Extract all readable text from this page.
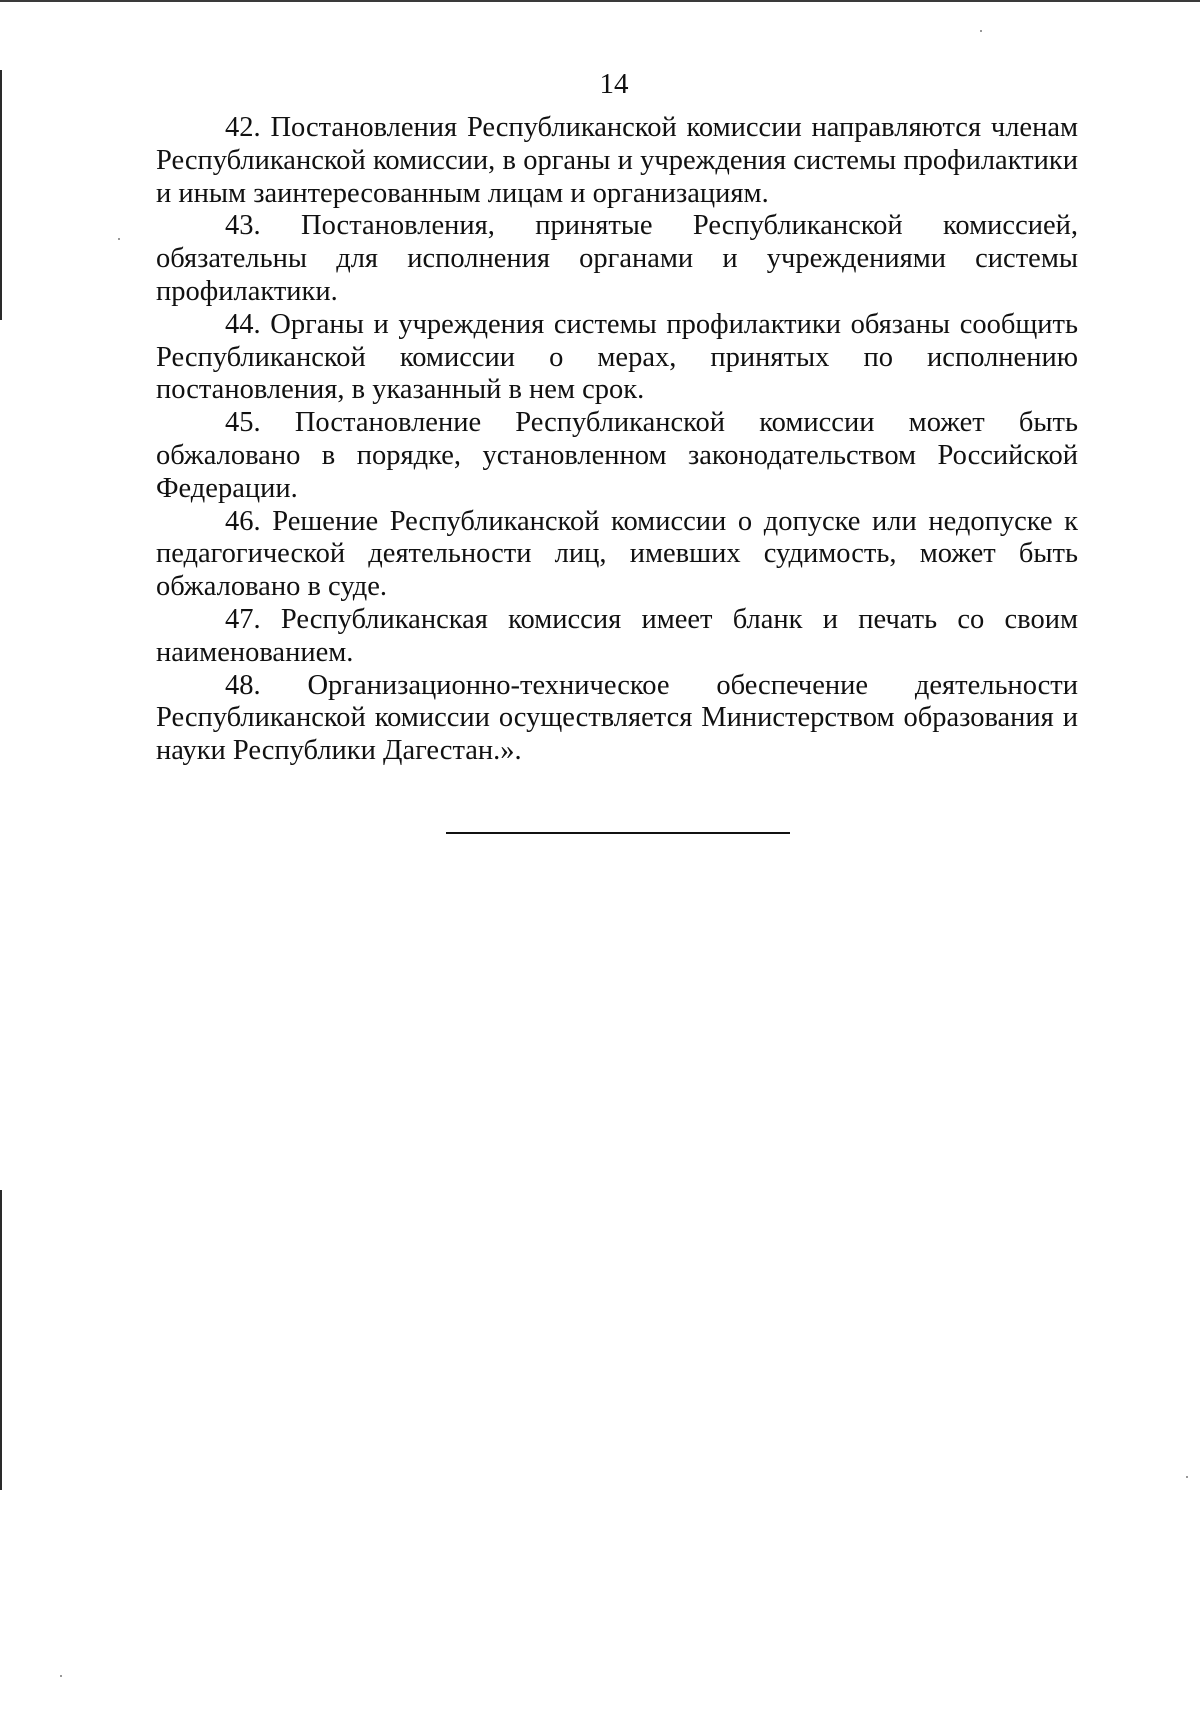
14

42. Постановления Республиканской комиссии направляются членам Республиканской комиссии, в органы и учреждения системы профилактики и иным заинтересованным лицам и организациям.

43. Постановления, принятые Республиканской комиссией, обязательны для исполнения органами и учреждениями системы профилактики.

44. Органы и учреждения системы профилактики обязаны сообщить Республиканской комиссии о мерах, принятых по исполнению постановления, в указанный в нем срок.

45. Постановление Республиканской комиссии может быть обжаловано в порядке, установленном законодательством Российской Федерации.

46. Решение Республиканской комиссии о допуске или недопуске к педагогической деятельности лиц, имевших судимость, может быть обжаловано в суде.

47. Республиканская комиссия имеет бланк и печать со своим наименованием.

48. Организационно-техническое обеспечение деятельности Республиканской комиссии осуществляется Министерством образования и науки Республики Дагестан.».
